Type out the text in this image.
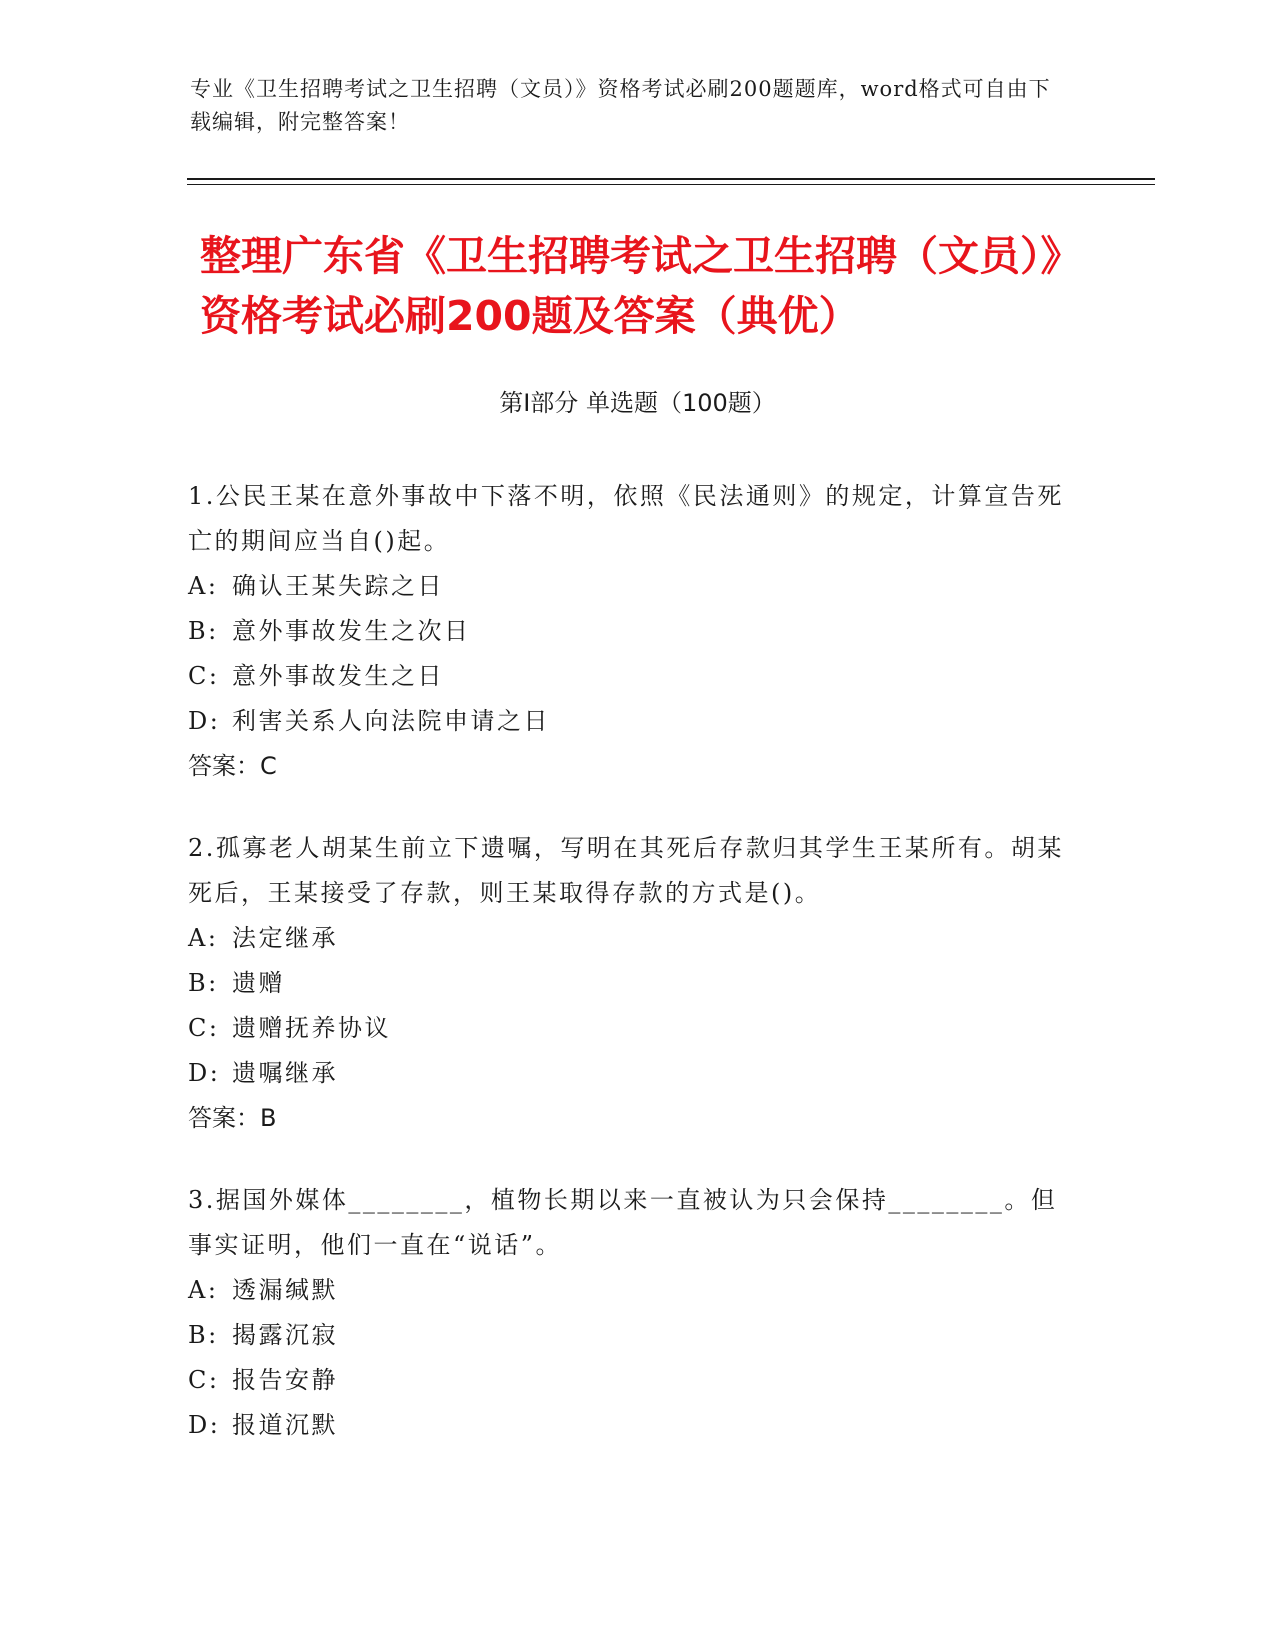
专业《卫生招聘考试之卫生招聘（文员）》资格考试必刷200题题库，word格式可自由下载编辑，附完整答案！
整理广东省《卫生招聘考试之卫生招聘（文员）》资格考试必刷200题及答案（典优）
第Ⅰ部分 单选题（100题）

1.公民王某在意外事故中下落不明，依照《民法通则》的规定，计算宣告死亡的期间应当自()起。

A: 确认王某失踪之日

B: 意外事故发生之次日

C: 意外事故发生之日

D: 利害关系人向法院申请之日

答案：C

2.孤寡老人胡某生前立下遗嘱，写明在其死后存款归其学生王某所有。胡某死后，王某接受了存款，则王某取得存款的方式是()。

A: 法定继承

B: 遗赠

C: 遗赠抚养协议

D: 遗嘱继承

答案：B

3.据国外媒体________，植物长期以来一直被认为只会保持________。但事实证明，他们一直在“说话”。

A: 透漏缄默

B: 揭露沉寂

C: 报告安静

D: 报道沉默
